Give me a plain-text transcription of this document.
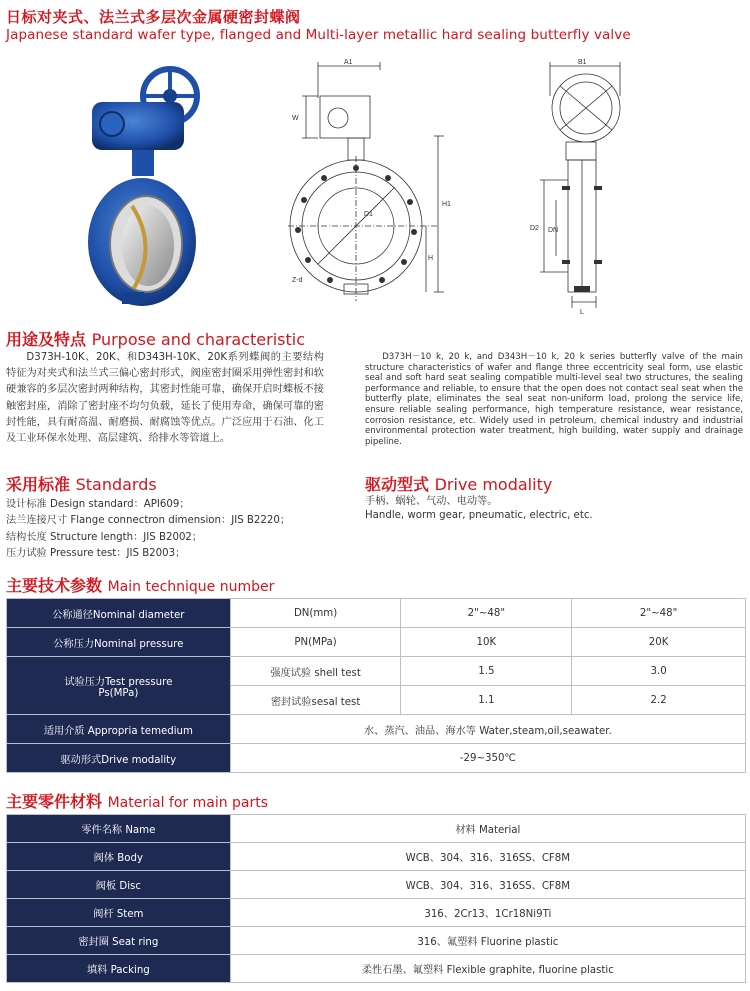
日标对夹式、法兰式多层次金属硬密封蝶阀
Japanese standard wafer type, flanged and Multi-layer metallic hard sealing butterfly valve
A1
W
D1
H1
H
Z-d
B1
D2 DN
L
用途及特点 Purpose and characteristic
D373H-10K、20K、和D343H-10K、20K系列蝶阀的主要结构特征为对夹式和法兰式三偏心密封形式，阀座密封圈采用弹性密封和软硬兼容的多层次密封两种结构，其密封性能可靠，确保开启时蝶板不接触密封座，消除了密封座不均匀负载，延长了使用寿命，确保可靠的密封性能，具有耐高温、耐磨损、耐腐蚀等优点。广泛应用于石油、化工及工业环保水处理、高层建筑、给排水等管道上。
D373H－10 k, 20 k, and D343H－10 k, 20 k series butterfly valve of the main structure characteristics of wafer and flange three eccentricity seal form, use elastic seal and soft hard seat sealing compatible multi-level seal two structures, the sealing performance and reliable, to ensure that the open does not contact seal seat when the butterfly plate, eliminates the seal seat non-uniform load, prolong the service life, ensure reliable sealing performance, high temperature resistance, wear resistance, corrosion resistance, etc. Widely used in petroleum, chemical industry and industrial environmental protection water treatment, high building, water supply and drainage pipeline.
采用标准 Standards
设计标准 Design standard：API609；
法兰连接尺寸 Flange connectron dimension：JIS B2220；
结构长度 Structure length：JIS B2002；
压力试验 Pressure test：JIS B2003；
驱动型式 Drive modality
手柄、蜗轮、气动、电动等。
Handle, worm gear, pneumatic, electric, etc.
主要技术参数 Main technique number
公称通径Nominal diameter	DN(mm)	2"~48"	2"~48"
公称压力Nominal pressure	PN(MPa)	10K	20K

试验压力Test pressure
Ps(MPa)	强度试验 shell test	1.5	3.0
	密封试验sesal test	1.1	2.2
适用介质 Appropria temedium	水、蒸汽、油品、海水等 Water,steam,oil,seawater.		
驱动形式Drive modality	-29~350℃		
主要零件材料 Material for main parts
零件名称 Name	材料 Material
阀体 Body	WCB、304、316、316SS、CF8M
阀板 Disc	WCB、304、316、316SS、CF8M
阀杆 Stem	316、2Cr13、1Cr18Ni9Ti
密封圈 Seat ring	316、氟塑料 Fluorine plastic
填料 Packing	柔性石墨、氟塑料 Flexible graphite, fluorine plastic
